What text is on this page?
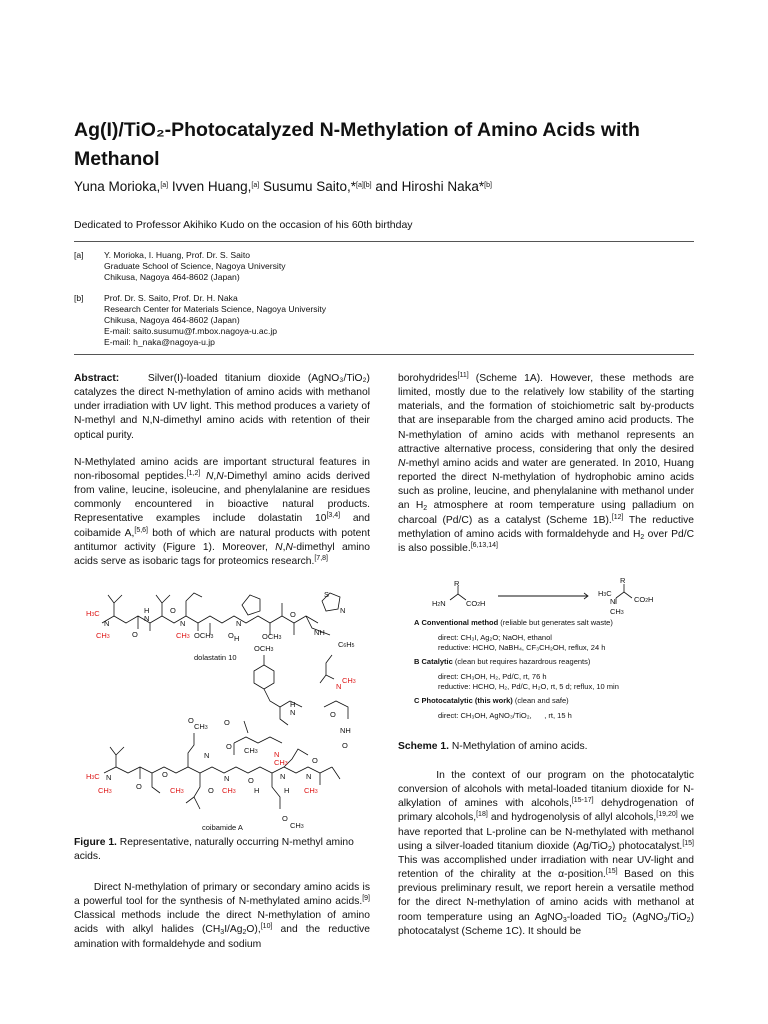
Ag(I)/TiO₂-Photocatalyzed N-Methylation of Amino Acids with
Methanol
Yuna Morioka,[a] Ivven Huang,[a] Susumu Saito,*[a][b] and Hiroshi Naka*[b]
Dedicated to Professor Akihiko Kudo on the occasion of his 60th birthday
[a] Y. Morioka, I. Huang, Prof. Dr. S. Saito
Graduate School of Science, Nagoya University
Chikusa, Nagoya 464-8602 (Japan)
[b] Prof. Dr. S. Saito, Prof. Dr. H. Naka
Research Center for Materials Science, Nagoya University
Chikusa, Nagoya 464-8602 (Japan)
E-mail: saito.susumu@f.mbox.nagoya-u.ac.jp
E-mail: h_naka@nagoya-u.jp

Abstract:	Silver(I)-loaded titanium dioxide (AgNO₃/TiO₂) catalyzes the direct N-methylation of amino acids with methanol under irradiation with UV light. This method produces a variety of N-methyl and N,N-dimethyl amino acids with retention of their optical purity.

N-Methylated amino acids are important structural features in non-ribosomal peptides.[1,2] N,N-Dimethyl amino acids derived from valine, leucine, isoleucine, and phenylalanine are residues commonly encountered in bioactive natural products. Representative examples include dolastatin 10[3,4] and coibamide A,[5,6] both of which are natural products with potent antitumor activity (Figure 1). Moreover, N,N-dimethyl amino acids serve as isobaric tags for proteomics research.[7,8]

H3C
N
CH3	O
H
N
O
N
CH3 OCH3 O
N
H	OCH3
O
NH
S
N
C6H5
OCH3
H
N
N
CH3
O
NH
O
O
O
CH3
O CH3 N
CH3
H3C N
CH3
O
O
CH3
N
O
N
CH3
O
H
N
H
N
CH3
O
O
CH3
dolastatin 10
coibamide A
Figure 1. Representative, naturally occurring N-methyl amino acids.

Direct N-methylation of primary or secondary amino acids is a powerful tool for the synthesis of N-methylated amino acids.[9] Classical methods include the direct N-methylation of amino acids with alkyl halides $(CH_3I/Ag_2O),[10]$ and the reductive amination with formaldehyde and sodium

borohydrides[11] (Scheme 1A). However, these methods are limited, mostly due to the relatively low stability of the starting materials, and the formation of stoichiometric salt by-products that are inseparable from the charged amino acid products. The N-methylation of amino acids with methanol represents an attractive alternative process, considering that only the desired N-methyl amino acids and water are generated. In 2010, Huang reported the direct N-methylation of hydrophobic amino acids such as proline, leucine, and phenylalanine with methanol under an $H_2$ atmosphere at room temperature using palladium on charcoal (Pd/C) as a catalyst (Scheme 1B).[12] The reductive methylation of amino acids with formaldehyde and $H_2$ over Pd/C is also possible.[6,13,14]

R
H2N	CO2H
R
H3C
N CO2H
CH3
A Conventional method (reliable but generates salt waste)
direct: CH₃I, Ag₂O; NaOH, ethanol
reductive: HCHO, NaBH₄, CF₃CH₂OH, reflux, 24 h
B Catalytic (clean but requires hazardrous reagents)
direct: CH₃OH, H₂, Pd/C, rt, 76 h
reductive: HCHO, H₂, Pd/C, H₂O, rt, 5 d; reflux, 10 min
C Photocatalytic (this work) (clean and safe)
direct: CH₃OH, AgNO₃/TiO₂,      , rt, 15 h
Scheme 1. N-Methylation of amino acids.

In the context of our program on the photocatalytic conversion of alcohols with metal-loaded titanium dioxide for N-alkylation of amines with alcohols,[15-17] dehydrogenation of primary alcohols,[18] and hydrogenolysis of allyl alcohols,[19,20] we have reported that L-proline can be N-methylated with methanol using a silver-loaded titanium dioxide (Ag/TiO$_2$) photocatalyst.[15] This was accomplished under irradiation with near UV-light and retention of the chirality at the α-position.[15] Based on this previous preliminary result, we report herein a versatile method for the direct N-methylation of amino acids with methanol at room temperature using an AgNO$_3$-loaded TiO$_2$ (AgNO$_3$/TiO$_2$) photocatalyst (Scheme 1C). It should be
